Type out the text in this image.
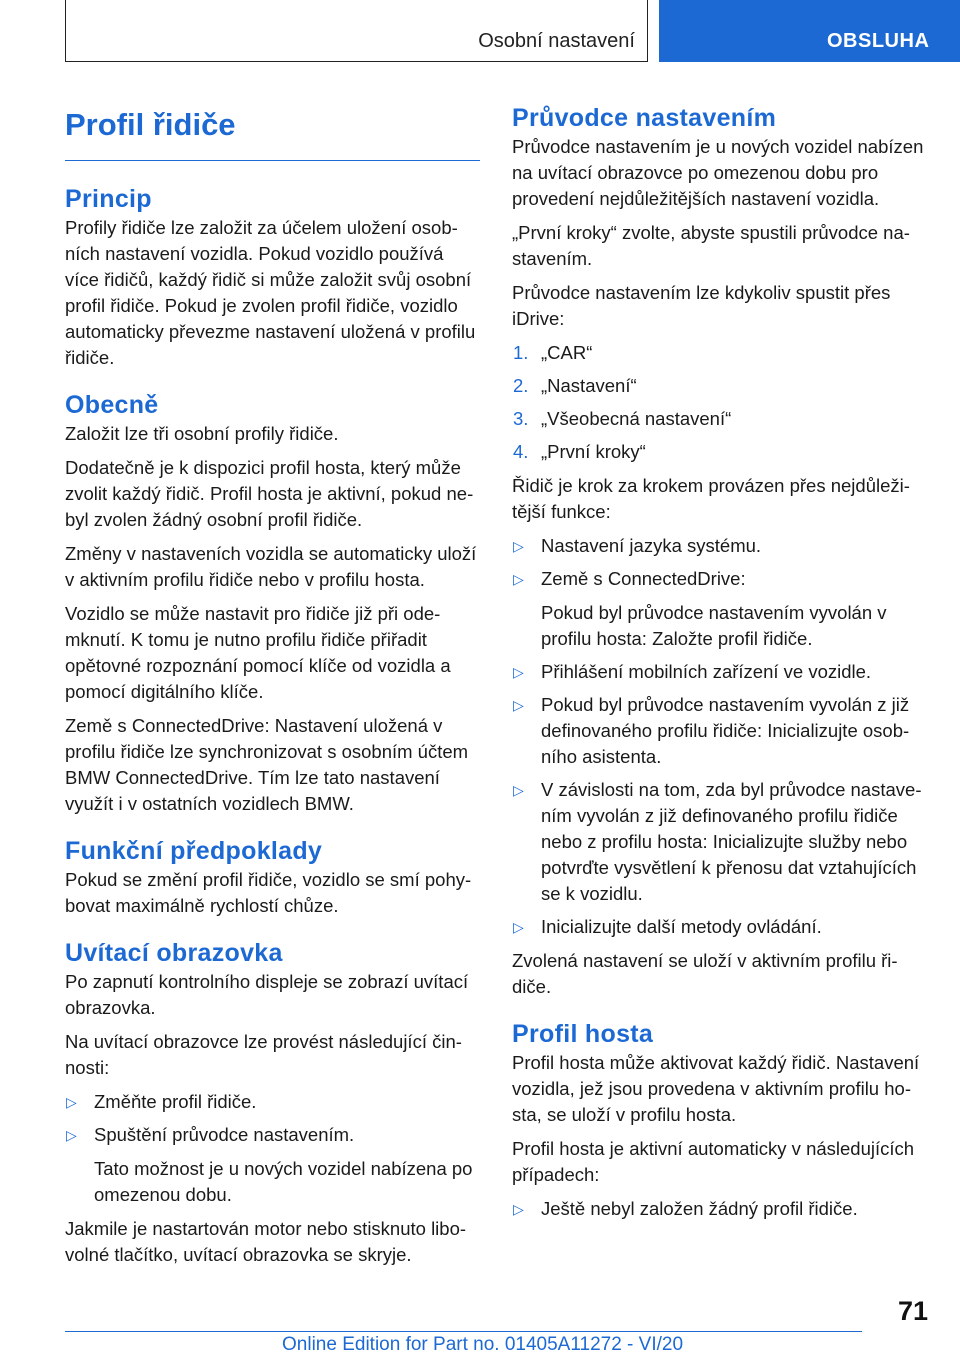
Osobní nastavení	OBSLUHA
Profil řidiče
Princip

Profily řidiče lze založit za účelem uložení osobních nastavení vozidla. Pokud vozidlo používá více řidičů, každý řidič si může založit svůj osobní profil řidiče. Pokud je zvolen profil řidiče, vozidlo automaticky převezme nastavení uložená v profilu řidiče.

Obecně

Založit lze tři osobní profily řidiče.

Dodatečně je k dispozici profil hosta, který může zvolit každý řidič. Profil hosta je aktivní, pokud nebyl zvolen žádný osobní profil řidiče.

Změny v nastaveních vozidla se automaticky uloží v aktivním profilu řidiče nebo v profilu hosta.

Vozidlo se může nastavit pro řidiče již při odemknutí. K tomu je nutno profilu řidiče přiřadit opětovné rozpoznání pomocí klíče od vozidla a pomocí digitálního klíče.

Země s ConnectedDrive: Nastavení uložená v profilu řidiče lze synchronizovat s osobním účtem BMW ConnectedDrive. Tím lze tato nastavení využít i v ostatních vozidlech BMW.

Funkční předpoklady

Pokud se změní profil řidiče, vozidlo se smí pohybovat maximálně rychlostí chůze.

Uvítací obrazovka

Po zapnutí kontrolního displeje se zobrazí uvítací obrazovka.

Na uvítací obrazovce lze provést následující činnosti:

▷ Změňte profil řidiče.
▷ Spuštění průvodce nastavením.
Tato možnost je u nových vozidel nabízena po omezenou dobu.

Jakmile je nastartován motor nebo stisknuto libovolné tlačítko, uvítací obrazovka se skryje.

Průvodce nastavením

Průvodce nastavením je u nových vozidel nabízen na uvítací obrazovce po omezenou dobu pro provedení nejdůležitějších nastavení vozidla.

„První kroky“ zvolte, abyste spustili průvodce nastavením.

Průvodce nastavením lze kdykoliv spustit přes iDrive:

1. „CAR“
2. „Nastavení“
3. „Všeobecná nastavení“
4. „První kroky“

Řidič je krok za krokem provázen přes nejdůležitější funkce:

▷ Nastavení jazyka systému.
▷ Země s ConnectedDrive:
Pokud byl průvodce nastavením vyvolán v profilu hosta: Založte profil řidiče.
▷ Přihlášení mobilních zařízení ve vozidle.
▷ Pokud byl průvodce nastavením vyvolán z již definovaného profilu řidiče: Inicializujte osobního asistenta.
▷ V závislosti na tom, zda byl průvodce nastavením vyvolán z již definovaného profilu řidiče nebo z profilu hosta: Inicializujte služby nebo potvrďte vysvětlení k přenosu dat vztahujících se k vozidlu.
▷ Inicializujte další metody ovládání.

Zvolená nastavení se uloží v aktivním profilu řidiče.

Profil hosta

Profil hosta může aktivovat každý řidič. Nastavení vozidla, jež jsou provedena v aktivním profilu hosta, se uloží v profilu hosta.

Profil hosta je aktivní automaticky v následujících případech:

▷ Ještě nebyl založen žádný profil řidiče.
71
Online Edition for Part no. 01405A11272 - VI/20
